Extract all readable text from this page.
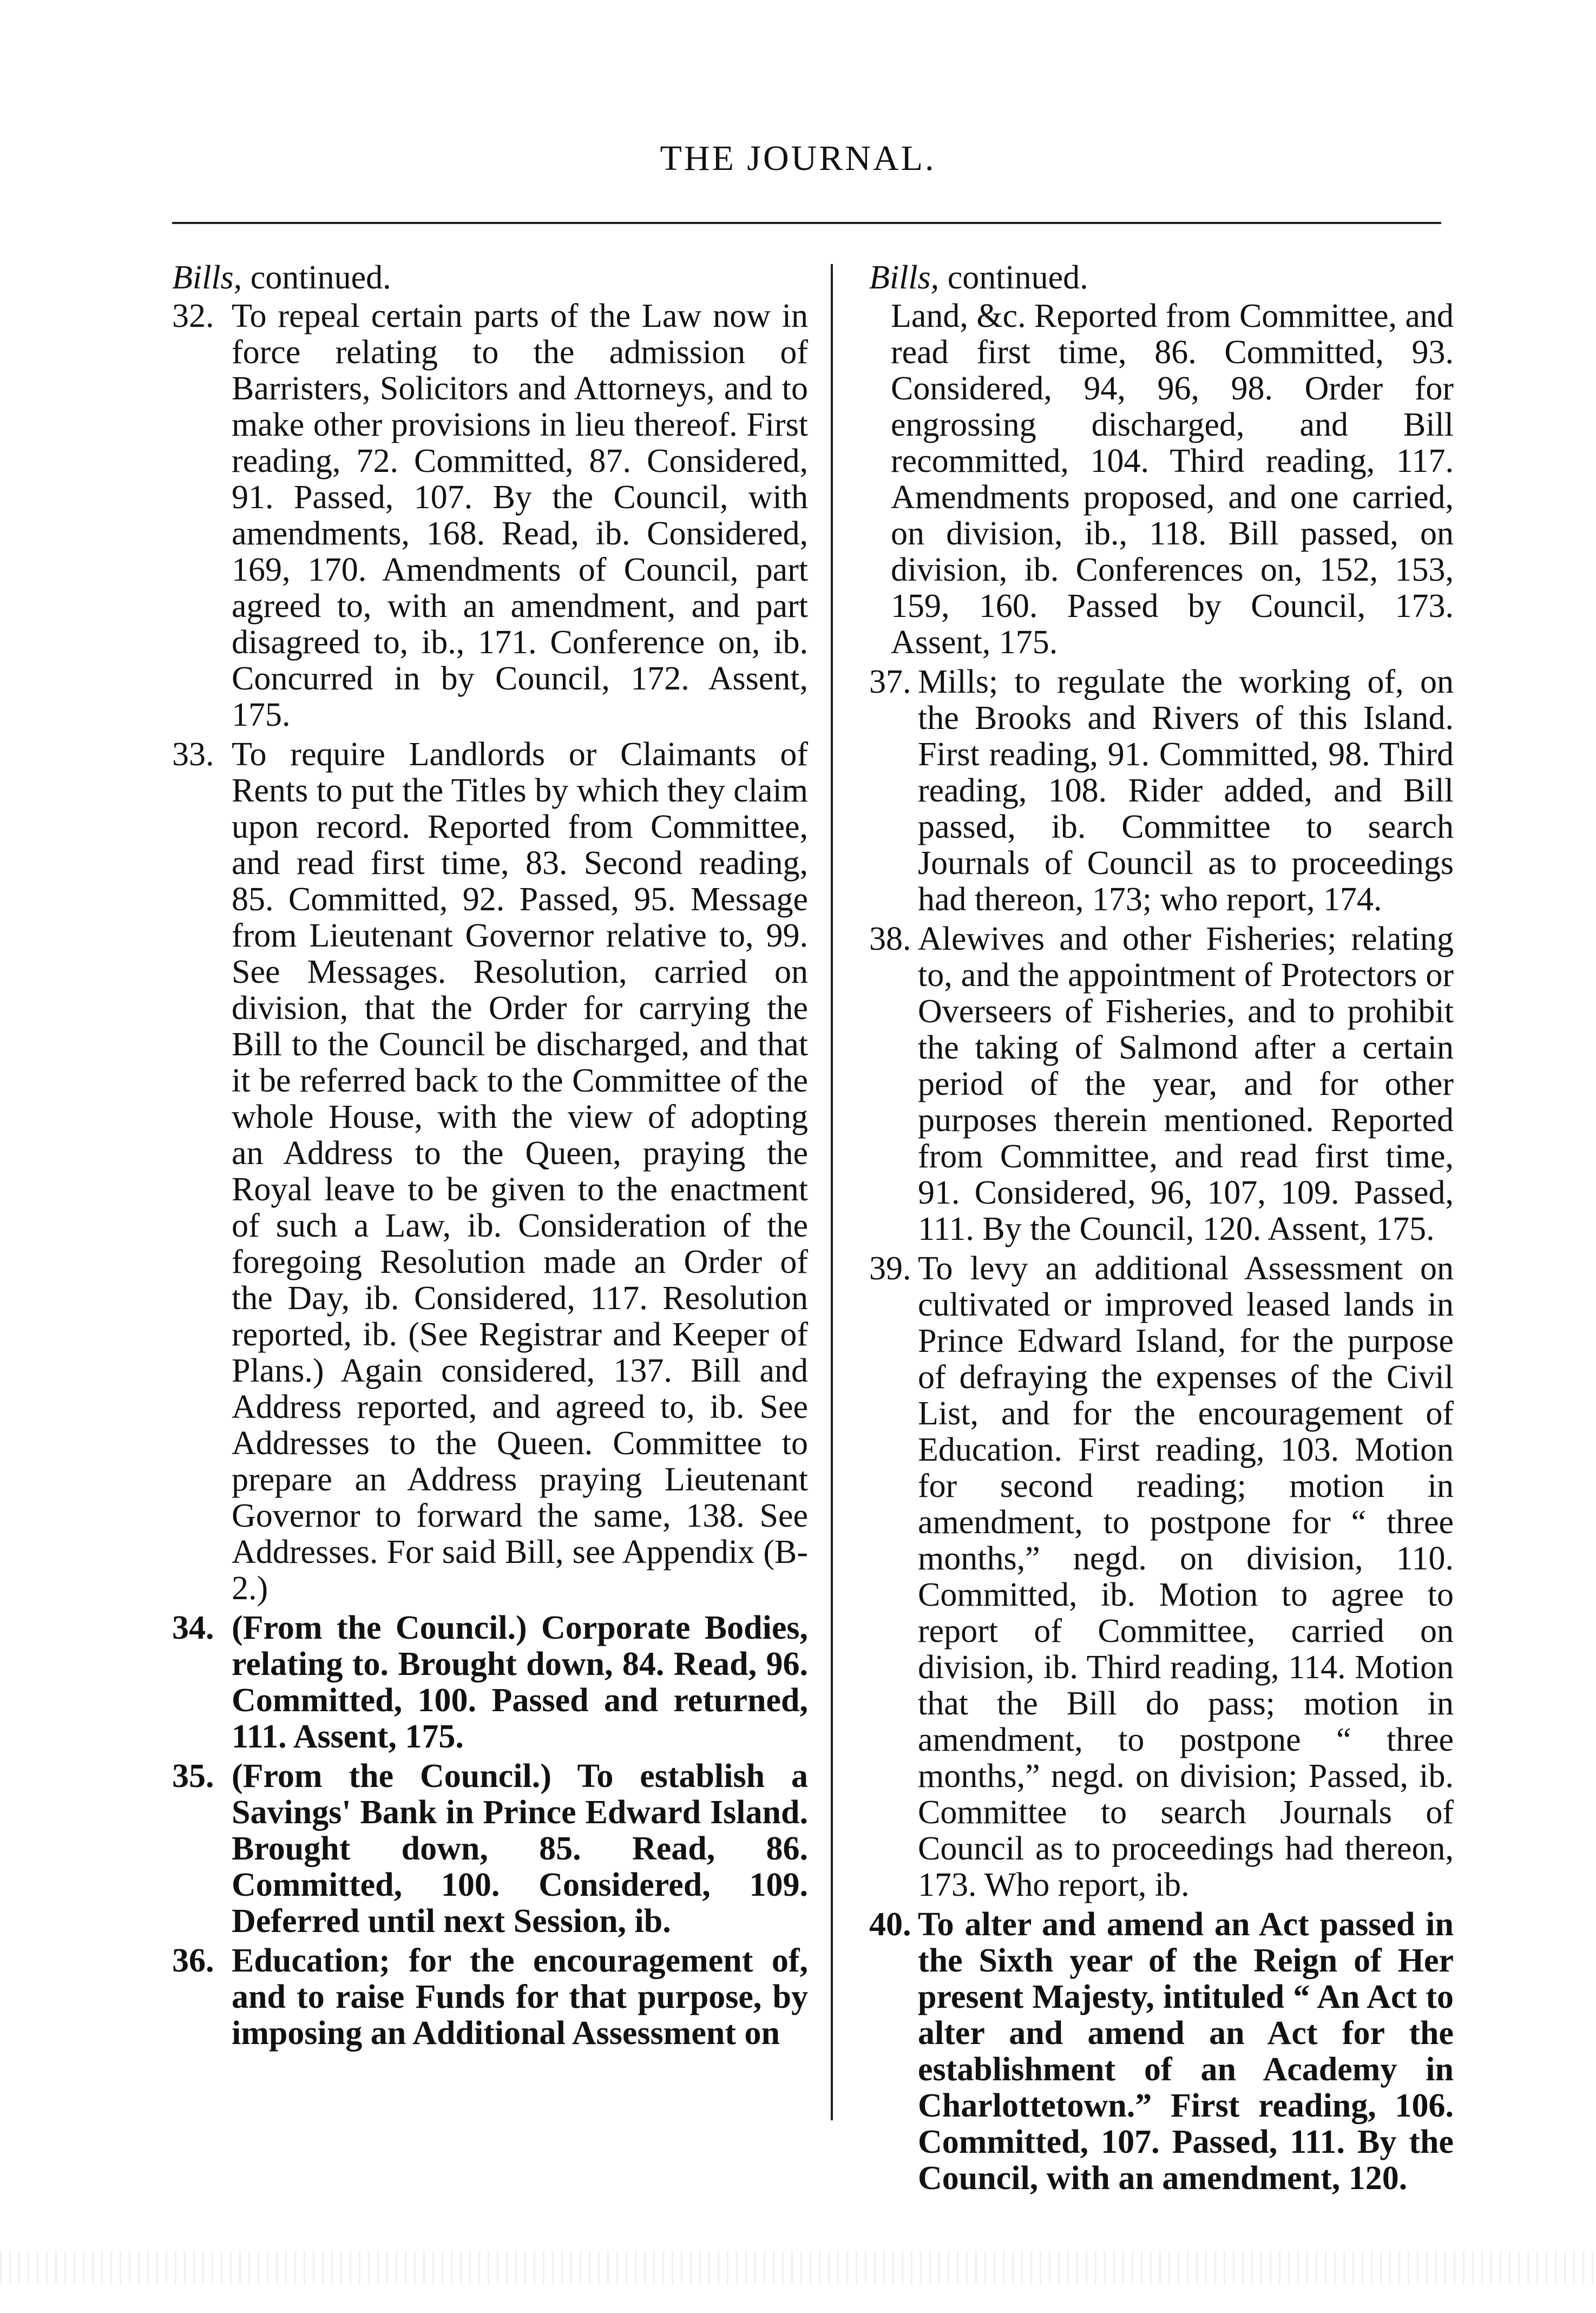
THE JOURNAL.

Bills, continued.

32. To repeal certain parts of the Law now in force relating to the admission of Barristers, Solicitors and Attorneys, and to make other provisions in lieu thereof. First reading, 72. Committed, 87. Considered, 91. Passed, 107. By the Council, with amendments, 168. Read, ib. Considered, 169, 170. Amendments of Council, part agreed to, with an amendment, and part disagreed to, ib., 171. Conference on, ib. Concurred in by Council, 172. Assent, 175.

33. To require Landlords or Claimants of Rents to put the Titles by which they claim upon record. Reported from Committee, and read first time, 83. Second reading, 85. Committed, 92. Passed, 95. Message from Lieutenant Governor relative to, 99. See Messages. Resolution, carried on division, that the Order for carrying the Bill to the Council be discharged, and that it be referred back to the Committee of the whole House, with the view of adopting an Address to the Queen, praying the Royal leave to be given to the enactment of such a Law, ib. Consideration of the foregoing Resolution made an Order of the Day, ib. Considered, 117. Resolution reported, ib. (See Registrar and Keeper of Plans.) Again considered, 137. Bill and Address reported, and agreed to, ib. See Addresses to the Queen. Committee to prepare an Address praying Lieutenant Governor to forward the same, 138. See Addresses. For said Bill, see Appendix (B-2.)

34. (From the Council.) Corporate Bodies, relating to. Brought down, 84. Read, 96. Committed, 100. Passed and returned, 111. Assent, 175.

35. (From the Council.) To establish a Savings' Bank in Prince Edward Island. Brought down, 85. Read, 86. Committed, 100. Considered, 109. Deferred until next Session, ib.

36. Education; for the encouragement of, and to raise Funds for that purpose, by imposing an Additional Assessment on

Bills, continued.

Land, &c. Reported from Committee, and read first time, 86. Committed, 93. Considered, 94, 96, 98. Order for engrossing discharged, and Bill recommitted, 104. Third reading, 117. Amendments proposed, and one carried, on division, ib., 118. Bill passed, on division, ib. Conferences on, 152, 153, 159, 160. Passed by Council, 173. Assent, 175.

37. Mills; to regulate the working of, on the Brooks and Rivers of this Island. First reading, 91. Committed, 98. Third reading, 108. Rider added, and Bill passed, ib. Committee to search Journals of Council as to proceedings had thereon, 173; who report, 174.

38. Alewives and other Fisheries; relating to, and the appointment of Protectors or Overseers of Fisheries, and to prohibit the taking of Salmond after a certain period of the year, and for other purposes therein mentioned. Reported from Committee, and read first time, 91. Considered, 96, 107, 109. Passed, 111. By the Council, 120. Assent, 175.

39. To levy an additional Assessment on cultivated or improved leased lands in Prince Edward Island, for the purpose of defraying the expenses of the Civil List, and for the encouragement of Education. First reading, 103. Motion for second reading; motion in amendment, to postpone for “ three months,” negd. on division, 110. Committed, ib. Motion to agree to report of Committee, carried on division, ib. Third reading, 114. Motion that the Bill do pass; motion in amendment, to postpone “ three months,” negd. on division; Passed, ib. Committee to search Journals of Council as to proceedings had thereon, 173. Who report, ib.

40. To alter and amend an Act passed in the Sixth year of the Reign of Her present Majesty, intituled “ An Act to alter and amend an Act for the establishment of an Academy in Charlottetown.” First reading, 106. Committed, 107. Passed, 111. By the Council, with an amendment, 120.
